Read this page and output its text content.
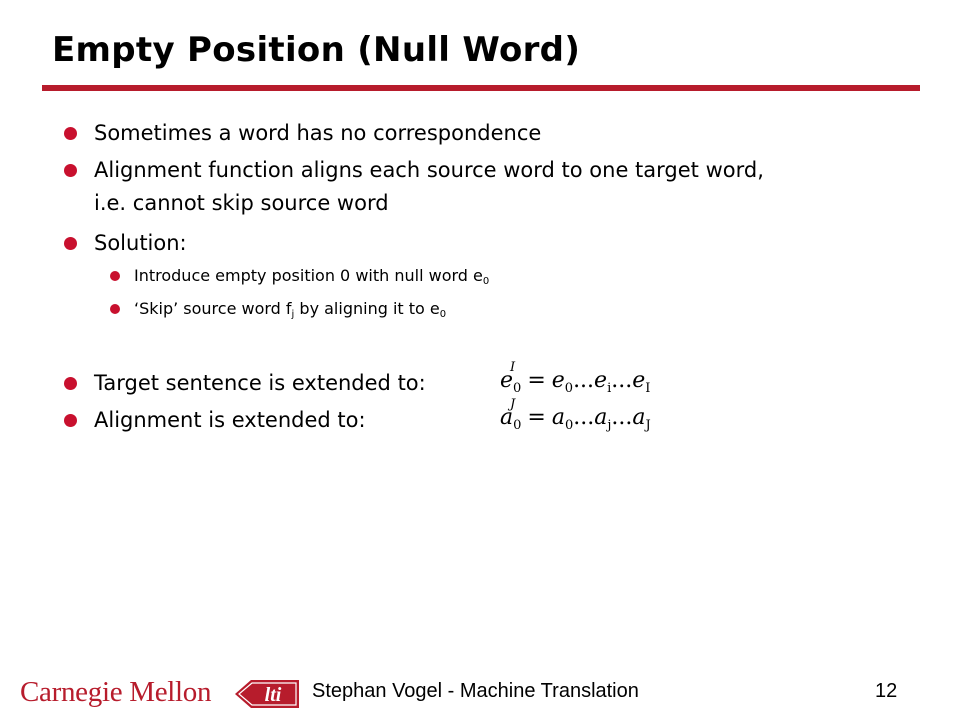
Empty Position (Null Word)
Sometimes a word has no correspondence
Alignment function aligns each source word to one target word,
i.e. cannot skip source word
Solution:
Introduce empty position 0 with null word $e_0$
‘Skip’ source word $f_j$ by aligning it to $e_0$
Target sentence is extended to:
Alignment is extended to:
$e_0$
I
= $e_0...e_i...e_I$
$a_0$
J
= $a_0...a_j...a_J$
Carnegie Mellon	lti Stephan Vogel - Machine Translation	12
